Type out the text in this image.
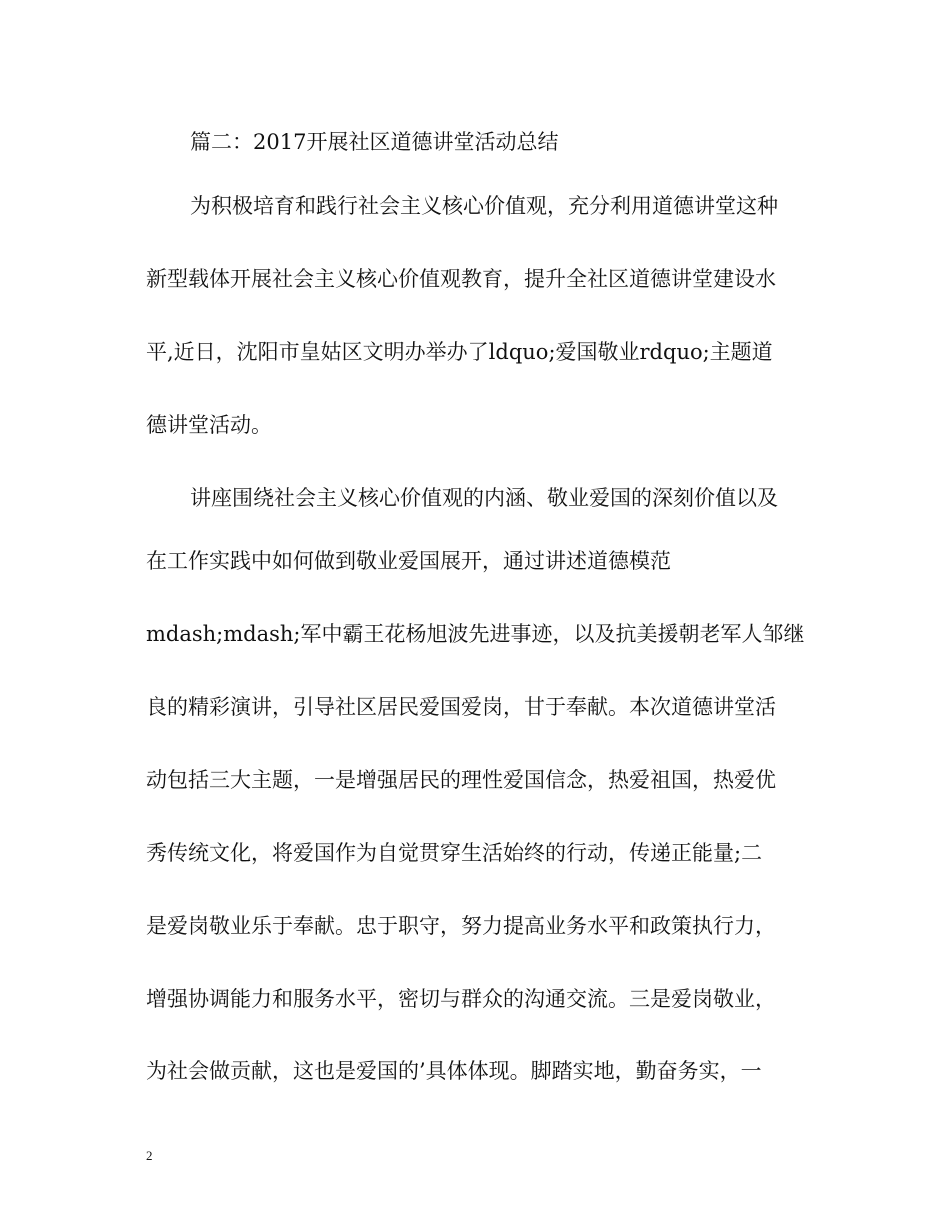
篇二：2017开展社区道德讲堂活动总结
为积极培育和践行社会主义核心价值观，充分利用道德讲堂这种
新型载体开展社会主义核心价值观教育，提升全社区道德讲堂建设水
平,近日，沈阳市皇姑区文明办举办了ldquo;爱国敬业rdquo;主题道
德讲堂活动。
讲座围绕社会主义核心价值观的内涵、敬业爱国的深刻价值以及
在工作实践中如何做到敬业爱国展开，通过讲述道德模范
mdash;mdash;军中霸王花杨旭波先进事迹，以及抗美援朝老军人邹继
良的精彩演讲，引导社区居民爱国爱岗，甘于奉献。本次道德讲堂活
动包括三大主题，一是增强居民的理性爱国信念，热爱祖国，热爱优
秀传统文化，将爱国作为自觉贯穿生活始终的行动，传递正能量;二
是爱岗敬业乐于奉献。忠于职守，努力提高业务水平和政策执行力，
增强协调能力和服务水平，密切与群众的沟通交流。三是爱岗敬业，
为社会做贡献，这也是爱国的’具体体现。脚踏实地，勤奋务实，一
2
